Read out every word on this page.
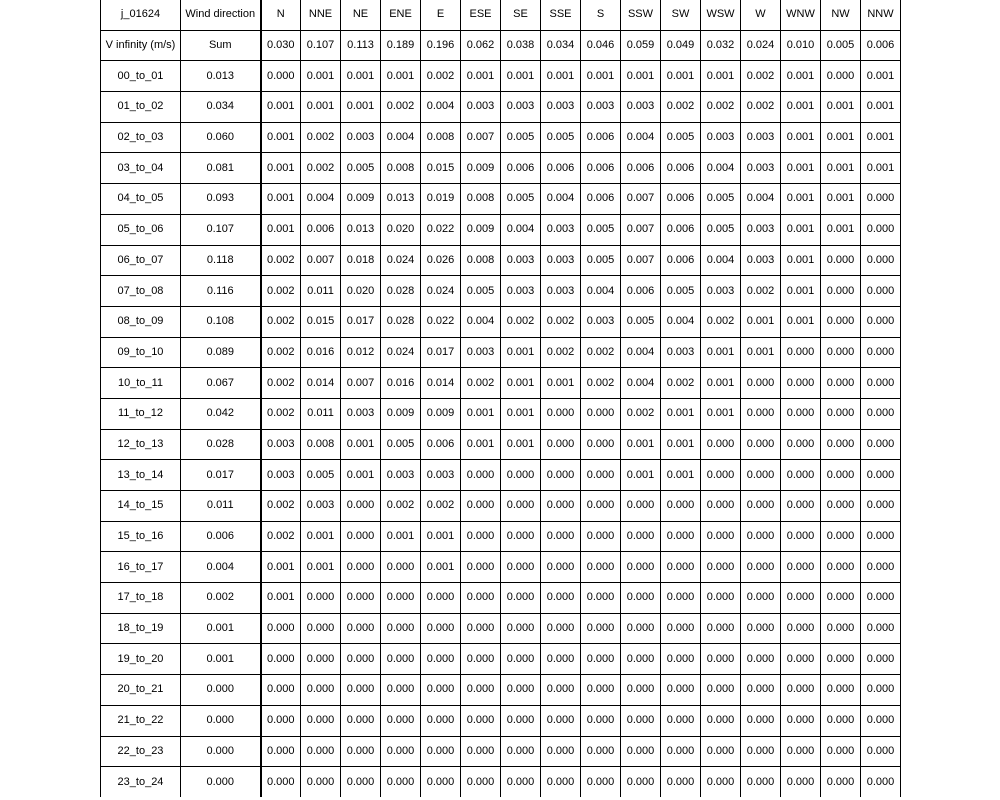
j_01624	Wind direction	N	NNE	NE	ENE	E	ESE	SE	SSE	S	SSW	SW	WSW	W	WNW	NW	NNW
V infinity (m/s)	Sum	0.030	0.107	0.113	0.189	0.196	0.062	0.038	0.034	0.046	0.059	0.049	0.032	0.024	0.010	0.005	0.006
00_to_01	0.013	0.000	0.001	0.001	0.001	0.002	0.001	0.001	0.001	0.001	0.001	0.001	0.001	0.002	0.001	0.000	0.001
01_to_02	0.034	0.001	0.001	0.001	0.002	0.004	0.003	0.003	0.003	0.003	0.003	0.002	0.002	0.002	0.001	0.001	0.001
02_to_03	0.060	0.001	0.002	0.003	0.004	0.008	0.007	0.005	0.005	0.006	0.004	0.005	0.003	0.003	0.001	0.001	0.001
03_to_04	0.081	0.001	0.002	0.005	0.008	0.015	0.009	0.006	0.006	0.006	0.006	0.006	0.004	0.003	0.001	0.001	0.001
04_to_05	0.093	0.001	0.004	0.009	0.013	0.019	0.008	0.005	0.004	0.006	0.007	0.006	0.005	0.004	0.001	0.001	0.000
05_to_06	0.107	0.001	0.006	0.013	0.020	0.022	0.009	0.004	0.003	0.005	0.007	0.006	0.005	0.003	0.001	0.001	0.000
06_to_07	0.118	0.002	0.007	0.018	0.024	0.026	0.008	0.003	0.003	0.005	0.007	0.006	0.004	0.003	0.001	0.000	0.000
07_to_08	0.116	0.002	0.011	0.020	0.028	0.024	0.005	0.003	0.003	0.004	0.006	0.005	0.003	0.002	0.001	0.000	0.000
08_to_09	0.108	0.002	0.015	0.017	0.028	0.022	0.004	0.002	0.002	0.003	0.005	0.004	0.002	0.001	0.001	0.000	0.000
09_to_10	0.089	0.002	0.016	0.012	0.024	0.017	0.003	0.001	0.002	0.002	0.004	0.003	0.001	0.001	0.000	0.000	0.000
10_to_11	0.067	0.002	0.014	0.007	0.016	0.014	0.002	0.001	0.001	0.002	0.004	0.002	0.001	0.000	0.000	0.000	0.000
11_to_12	0.042	0.002	0.011	0.003	0.009	0.009	0.001	0.001	0.000	0.000	0.002	0.001	0.001	0.000	0.000	0.000	0.000
12_to_13	0.028	0.003	0.008	0.001	0.005	0.006	0.001	0.001	0.000	0.000	0.001	0.001	0.000	0.000	0.000	0.000	0.000
13_to_14	0.017	0.003	0.005	0.001	0.003	0.003	0.000	0.000	0.000	0.000	0.001	0.001	0.000	0.000	0.000	0.000	0.000
14_to_15	0.011	0.002	0.003	0.000	0.002	0.002	0.000	0.000	0.000	0.000	0.000	0.000	0.000	0.000	0.000	0.000	0.000
15_to_16	0.006	0.002	0.001	0.000	0.001	0.001	0.000	0.000	0.000	0.000	0.000	0.000	0.000	0.000	0.000	0.000	0.000
16_to_17	0.004	0.001	0.001	0.000	0.000	0.001	0.000	0.000	0.000	0.000	0.000	0.000	0.000	0.000	0.000	0.000	0.000
17_to_18	0.002	0.001	0.000	0.000	0.000	0.000	0.000	0.000	0.000	0.000	0.000	0.000	0.000	0.000	0.000	0.000	0.000
18_to_19	0.001	0.000	0.000	0.000	0.000	0.000	0.000	0.000	0.000	0.000	0.000	0.000	0.000	0.000	0.000	0.000	0.000
19_to_20	0.001	0.000	0.000	0.000	0.000	0.000	0.000	0.000	0.000	0.000	0.000	0.000	0.000	0.000	0.000	0.000	0.000
20_to_21	0.000	0.000	0.000	0.000	0.000	0.000	0.000	0.000	0.000	0.000	0.000	0.000	0.000	0.000	0.000	0.000	0.000
21_to_22	0.000	0.000	0.000	0.000	0.000	0.000	0.000	0.000	0.000	0.000	0.000	0.000	0.000	0.000	0.000	0.000	0.000
22_to_23	0.000	0.000	0.000	0.000	0.000	0.000	0.000	0.000	0.000	0.000	0.000	0.000	0.000	0.000	0.000	0.000	0.000
23_to_24	0.000	0.000	0.000	0.000	0.000	0.000	0.000	0.000	0.000	0.000	0.000	0.000	0.000	0.000	0.000	0.000	0.000
